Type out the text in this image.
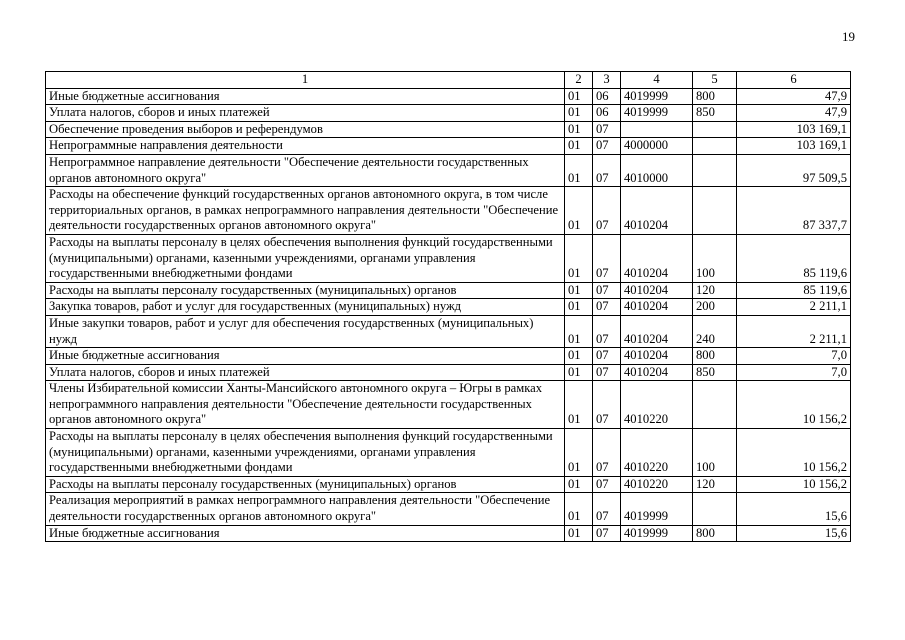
19
1	2	3	4	5	6
Иные бюджетные ассигнования	01	06	4019999	800	47,9
Уплата налогов, сборов и иных платежей	01	06	4019999	850	47,9
Обеспечение проведения выборов и референдумов	01	07			103 169,1
Непрограммные направления деятельности	01	07	4000000		103 169,1
Непрограммное направление деятельности "Обеспечение деятельности государственных органов автономного округа"	01	07	4010000		97 509,5
Расходы на обеспечение функций государственных органов автономного округа, в том числе территориальных органов, в рамках непрограммного направления деятельности "Обеспечение деятельности государственных органов автономного округа"	01	07	4010204		87 337,7
Расходы на выплаты персоналу в целях обеспечения выполнения функций государственными (муниципальными) органами, казенными учреждениями, органами управления государственными внебюджетными фондами	01	07	4010204	100	85 119,6
Расходы на выплаты персоналу государственных (муниципальных) органов	01	07	4010204	120	85 119,6
Закупка товаров, работ и услуг для государственных (муниципальных) нужд	01	07	4010204	200	2 211,1
Иные закупки товаров, работ и услуг для обеспечения государственных (муниципальных) нужд	01	07	4010204	240	2 211,1
Иные бюджетные ассигнования	01	07	4010204	800	7,0
Уплата налогов, сборов и иных платежей	01	07	4010204	850	7,0
Члены Избирательной комиссии Ханты-Мансийского автономного округа – Югры в рамках непрограммного направления деятельности "Обеспечение деятельности государственных органов автономного округа"	01	07	4010220		10 156,2
Расходы на выплаты персоналу в целях обеспечения выполнения функций государственными (муниципальными) органами, казенными учреждениями, органами управления государственными внебюджетными фондами	01	07	4010220	100	10 156,2
Расходы на выплаты персоналу государственных (муниципальных) органов	01	07	4010220	120	10 156,2
Реализация мероприятий в рамках непрограммного направления деятельности "Обеспечение деятельности государственных органов автономного округа"	01	07	4019999		15,6
Иные бюджетные ассигнования	01	07	4019999	800	15,6
